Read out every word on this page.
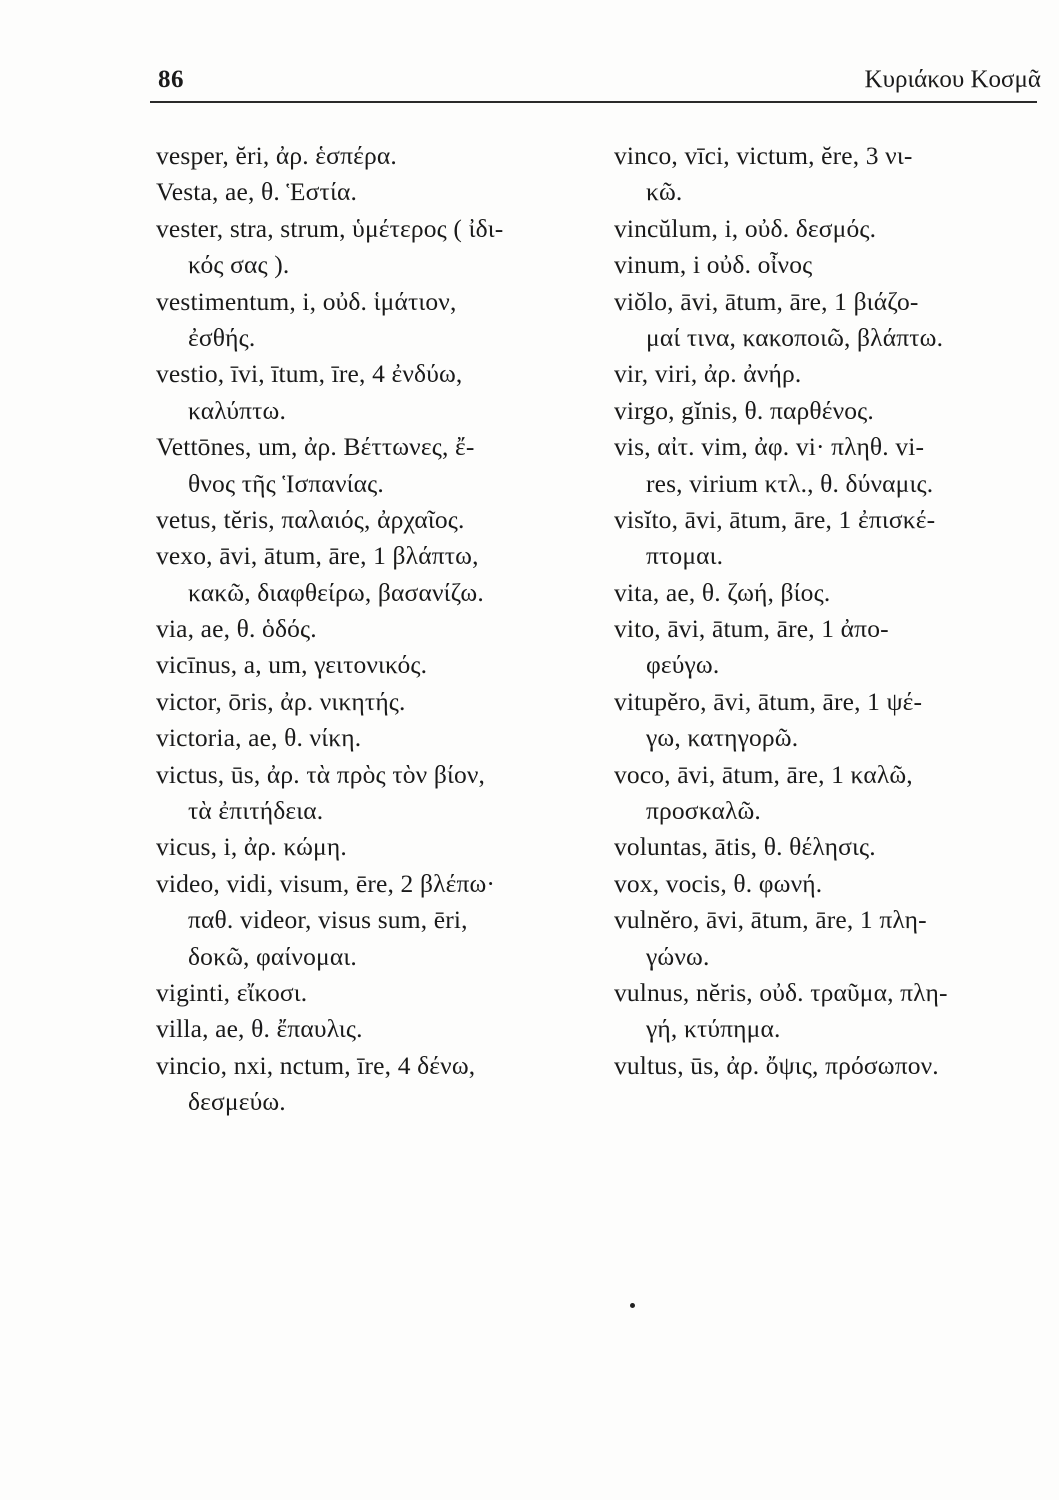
86	Κυριάκου Κοσμᾶ
vesper, ĕri, ἀρ. ἑσπέρα.
Vesta, ae, θ. Ἑστία.
vester, stra, strum, ὑμέτερος ( ἰδι-
κός σας ).
vestimentum, i, οὐδ. ἱμάτιον,
ἐσθής.
vestio, īvi, ītum, īre, 4 ἐνδύω,
καλύπτω.
Vettōnes, um, ἀρ. Βέττωνες, ἔ-
θνος τῆς Ἱσπανίας.
vetus, tĕris, παλαιός, ἀρχαῖος.
vexo, āvi, ātum, āre, 1 βλάπτω,
κακῶ, διαφθείρω, βασανίζω.
via, ae, θ. ὁδός.
vicīnus, a, um, γειτονικός.
victor, ōris, ἀρ. νικητής.
victoria, ae, θ. νίκη.
victus, ūs, ἀρ. τὰ πρὸς τὸν βίον,
τὰ ἐπιτήδεια.
vicus, i, ἀρ. κώμη.
video, vidi, visum, ēre, 2 βλέπω·
παθ. videor, visus sum, ēri,
δοκῶ, φαίνομαι.
viginti, εἴκοσι.
villa, ae, θ. ἔπαυλις.
vincio, nxi, nctum, īre, 4 δένω,
δεσμεύω.
vinco, vīci, victum, ĕre, 3 νι-
κῶ.
vincŭlum, i, οὐδ. δεσμός.
vinum, i οὐδ. οἶνος
viŏlo, āvi, ātum, āre, 1 βιάζο-
μαί τινα, κακοποιῶ, βλάπτω.
vir, viri, ἀρ. ἀνήρ.
virgo, gĭnis, θ. παρθένος.
vis, αἰτ. vim, ἀφ. vi· πληθ. vi-
res, virium κτλ., θ. δύναμις.
visĭto, āvi, ātum, āre, 1 ἐπισκέ-
πτομαι.
vita, ae, θ. ζωή, βίος.
vito, āvi, ātum, āre, 1 ἀπο-
φεύγω.
vitupĕro, āvi, ātum, āre, 1 ψέ-
γω, κατηγορῶ.
voco, āvi, ātum, āre, 1 καλῶ,
προσκαλῶ.
voluntas, ātis, θ. θέλησις.
vox, vocis, θ. φωνή.
vulnĕro, āvi, ātum, āre, 1 πλη-
γώνω.
vulnus, nĕris, οὐδ. τραῦμα, πλη-
γή, κτύπημα.
vultus, ūs, ἀρ. ὄψις, πρόσωπον.
